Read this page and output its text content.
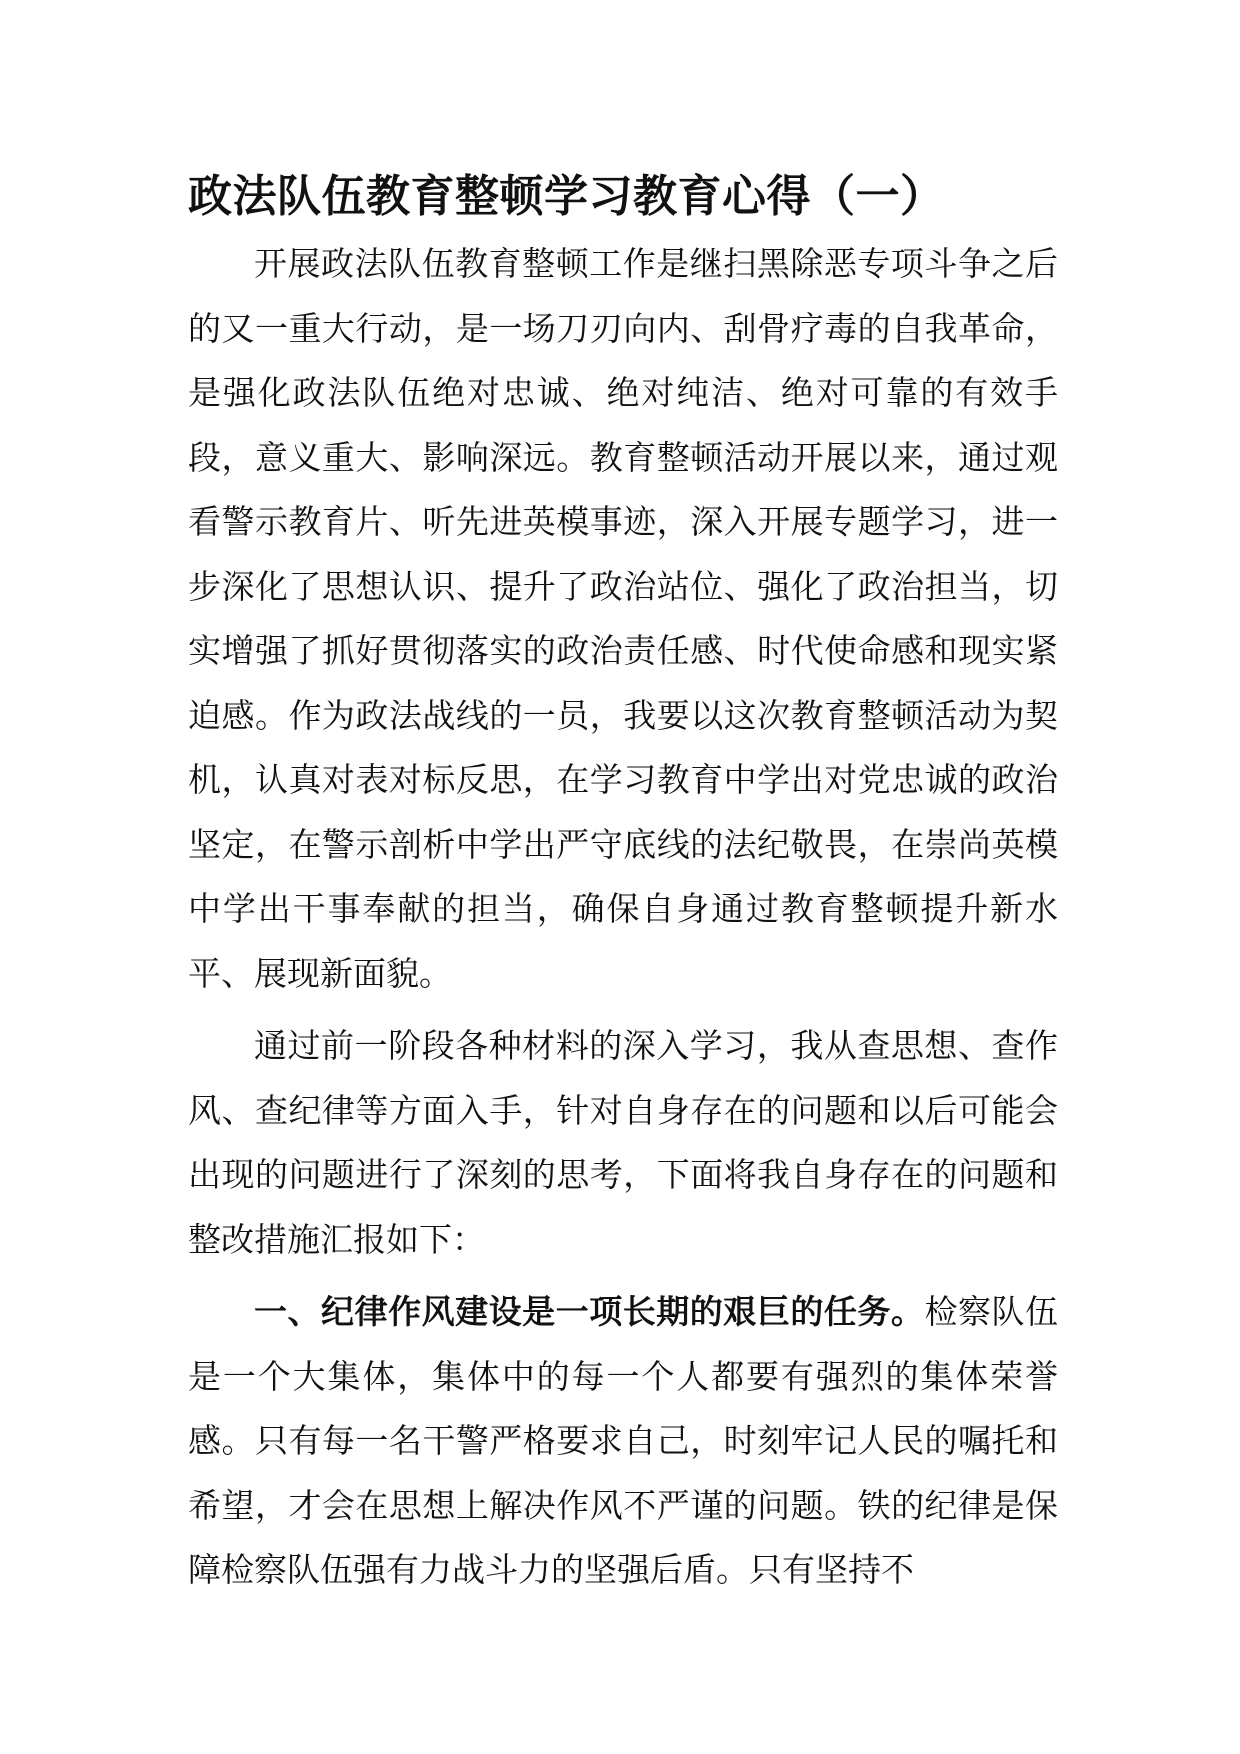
政法队伍教育整顿学习教育心得（一）

开展政法队伍教育整顿工作是继扫黑除恶专项斗争之后的又一重大行动，是一场刀刃向内、刮骨疗毒的自我革命，是强化政法队伍绝对忠诚、绝对纯洁、绝对可靠的有效手段，意义重大、影响深远。教育整顿活动开展以来，通过观看警示教育片、听先进英模事迹，深入开展专题学习，进一步深化了思想认识、提升了政治站位、强化了政治担当，切实增强了抓好贯彻落实的政治责任感、时代使命感和现实紧迫感。作为政法战线的一员，我要以这次教育整顿活动为契机，认真对表对标反思，在学习教育中学出对党忠诚的政治坚定，在警示剖析中学出严守底线的法纪敬畏，在崇尚英模中学出干事奉献的担当，确保自身通过教育整顿提升新水平、展现新面貌。

通过前一阶段各种材料的深入学习，我从查思想、查作风、查纪律等方面入手，针对自身存在的问题和以后可能会出现的问题进行了深刻的思考，下面将我自身存在的问题和整改措施汇报如下：

一、纪律作风建设是一项长期的艰巨的任务。检察队伍是一个大集体，集体中的每一个人都要有强烈的集体荣誉感。只有每一名干警严格要求自己，时刻牢记人民的嘱托和希望，才会在思想上解决作风不严谨的问题。铁的纪律是保障检察队伍强有力战斗力的坚强后盾。只有坚持不
